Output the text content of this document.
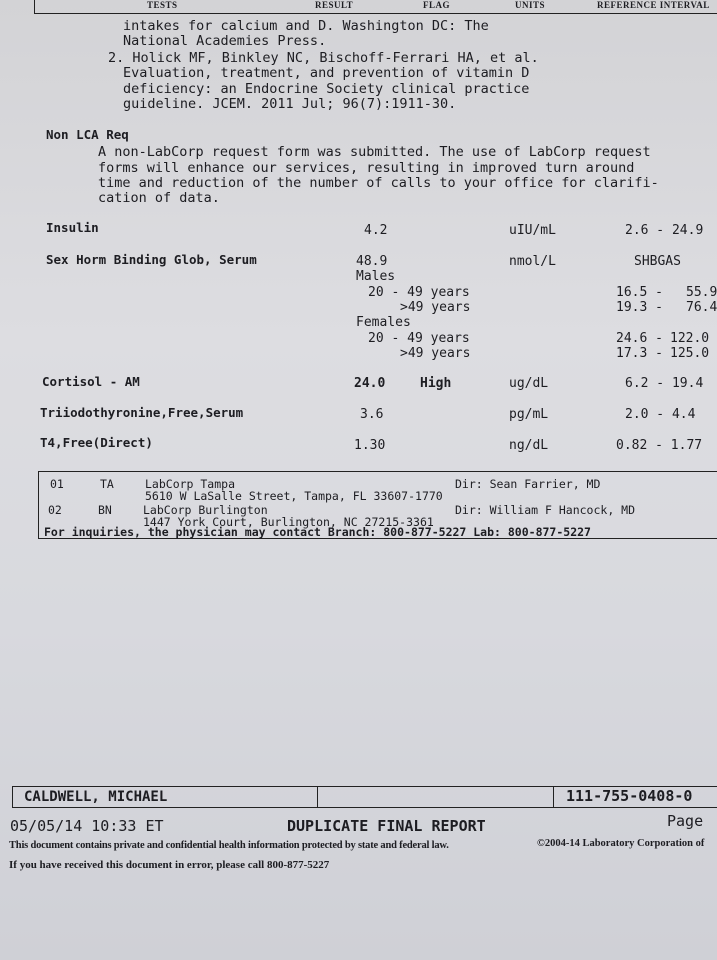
TESTS	RESULT	FLAG	UNITS	REFERENCE INTERVAL
intakes for calcium and D. Washington DC: The
National Academies Press.
2. Holick MF, Binkley NC, Bischoff-Ferrari HA, et al.
Evaluation, treatment, and prevention of vitamin D
deficiency: an Endocrine Society clinical practice
guideline. JCEM. 2011 Jul; 96(7):1911-30.
Non LCA Req
A non-LabCorp request form was submitted. The use of LabCorp request
forms will enhance our services, resulting in improved turn around
time and reduction of the number of calls to your office for clarifi-
cation of data.
Insulin	4.2	uIU/mL	2.6 - 24.9
Sex Horm Binding Glob, Serum	48.9	nmol/L	SHBGAS
Males
20 - 49 years	16.5 - 55.9
>49 years	19.3 - 76.4
Females
20 - 49 years	24.6 - 122.0
>49 years	17.3 - 125.0
Cortisol - AM	24.0	High	ug/dL	6.2 - 19.4
Triiodothyronine,Free,Serum	3.6	pg/mL	2.0 - 4.4
T4,Free(Direct)	1.30	ng/dL	0.82 - 1.77
01	TA	LabCorp Tampa	Dir: Sean Farrier, MD
5610 W LaSalle Street, Tampa, FL 33607-1770
02	BN	LabCorp Burlington	Dir: William F Hancock, MD
1447 York Court, Burlington, NC 27215-3361
For inquiries, the physician may contact Branch: 800-877-5227 Lab: 800-877-5227
CALDWELL, MICHAEL	111-755-0408-0
05/05/14 10:33 ET	DUPLICATE FINAL REPORT	Page
This document contains private and confidential health information protected by state and federal law.	©2004-14 Laboratory Corporation of
If you have received this document in error, please call 800-877-5227
